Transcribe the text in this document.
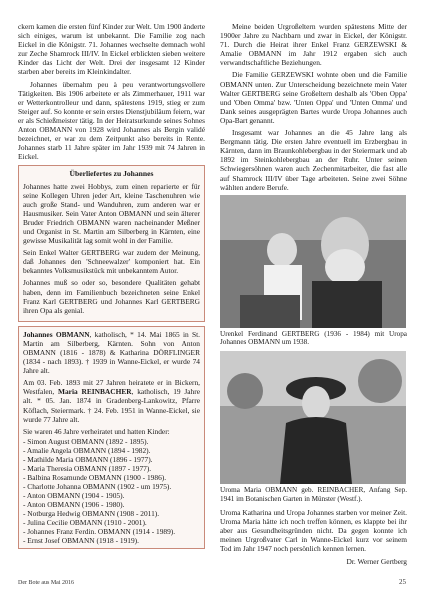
ckern kamen die ersten fünf Kinder zur Welt. Um 1900 änderte sich einiges, warum ist unbekannt. Die Familie zog nach Eickel in die Königstr. 71. Johannes wechselte demnach wohl zur Zeche Shamrock III/IV. In Eickel erblickten sieben weitere Kinder das Licht der Welt. Drei der insgesamt 12 Kinder starben aber bereits im Kleinkindalter.

Johannes übernahm peu à peu verantwortungsvollere Tätigkeiten. Bis 1906 arbeitete er als Zimmerhauer, 1911 war er Wetterkontrolleur und dann, spätestens 1919, stieg er zum Steiger auf. So konnte er sein erstes Dienstjubiläum feiern, war er als Schießmeister tätig. In der Heiratsurkunde seines Sohnes Anton OBMANN von 1928 wird Johannes als Bergin validé bezeichnet, er war zu dem Zeitpunkt also bereits in Rente. Johannes starb 11 Jahre später im Jahr 1939 mit 74 Jahren in Eickel.

Überliefertes zu Johannes

Johannes hatte zwei Hobbys, zum einen reparierte er für seine Kollegen Uhren jeder Art, kleine Taschenuhren wie auch große Stand- und Wanduhren, zum anderen war er Hausmusiker. Sein Vater Anton OBMANN und sein älterer Bruder Friedrich OBMANN waren nacheinander Meßner und Organist in St. Martin am Silberberg in Kärnten, eine gewisse Musikalität lag somit wohl in der Familie.

Sein Enkel Walter GERTBERG war zudem der Meinung, daß Johannes den 'Schneewalzer' komponiert hat. Ein bekanntes Volksmusikstück mit unbekanntem Autor.

Johannes muß so oder so, besondere Qualitäten gehabt haben, denn im Familienbuch bezeichneten seine Enkel Franz Karl GERTBERG und Johannes Karl GERTBERG ihren Opa als genial.

Johannes OBMANN, katholisch, * 14. Mai 1865 in St. Martin am Silberberg, Kärnten. Sohn von Anton OBMANN (1816 - 1878) & Katharina DÖRFLINGER (1834 - nach 1893). † 1939 in Wanne-Eickel, er wurde 74 Jahre alt.

Am 03. Feb. 1893 mit 27 Jahren heiratete er in Bickern, Westfalen, Maria REINBACHER, katholisch, 19 Jahre alt. * 05. Jan. 1874 in Gradenberg-Lankowitz, Pfarre Köflach, Steiermark. † 24. Feb. 1951 in Wanne-Eickel, sie wurde 77 Jahre alt.

Sie waren 46 Jahre verheiratet und hatten Kinder:

- Simon August OBMANN (1892 - 1895).
- Amalie Angela OBMANN (1894 - 1982).
- Mathilde Maria OBMANN (1896 - 1977).
- Maria Theresia OBMANN (1897 - 1977).
- Balbina Rosamunde OBMANN (1900 - 1986).
- Charlotte Johanna OBMANN (1902 - um 1975).
- Anton OBMANN (1904 - 1905).
- Anton OBMANN (1906 - 1980).
- Notburga Hedwig OBMANN (1908 - 2011).
- Julina Cecilie OBMANN (1910 - 2001).
- Johannes Franz Ferdin. OBMANN (1914 - 1989).
- Ernst Josef OBMANN (1918 - 1919).

Meine beiden Urgroßeltern wurden spätestens Mitte der 1900er Jahre zu Nachbarn und zwar in Eickel, der Königstr. 71. Durch die Heirat ihrer Enkel Franz GERZEWSKI & Amalie OBMANN im Jahr 1912 ergaben sich auch verwandtschaftliche Beziehungen.

Die Familie GERZEWSKI wohnte oben und die Familie OBMANN unten. Zur Unterscheidung bezeichnete mein Vater Walter GERTBERG seine Großeltern deshalb als 'Oben Oppa' und 'Oben Omma' bzw. 'Unten Oppa' und 'Unten Omma' und Dank seines ausgeprägten Bartes wurde Uropa Johannes auch Opa-Bart genannt.

Insgesamt war Johannes an die 45 Jahre lang als Bergmann tätig. Die ersten Jahre eventuell im Erzbergbau in Kärnten, dann im Braunkohlebergbau in der Steiermark und ab 1892 im Steinkohlebergbau an der Ruhr. Unter seinen Schwiegersöhnen waren auch Zechenmitarbeiter, die fast alle auf Shamrock III/IV über Tage arbeiteten. Seine zwei Söhne wählten andere Berufe.

Urenkel Ferdinand GERTBERG (1936 - 1984) mit Uropa Johannes OBMANN um 1938.

Uroma Maria OBMANN geb. REINBACHER, Anfang Sep. 1941 im Botanischen Garten in Münster (Westf.).

Uroma Katharina und Uropa Johannes starben vor meiner Zeit. Uroma Maria hätte ich noch treffen können, es klappte bei ihr aber aus Gesundheitsgründen nicht. Da gegen konnte ich meinen Urgroßvater Carl in Wanne-Eickel kurz vor seinem Tod im Jahr 1947 noch persönlich kennen lernen.

Dr. Werner Gertberg

Der Bote aus Mai 2016	25
